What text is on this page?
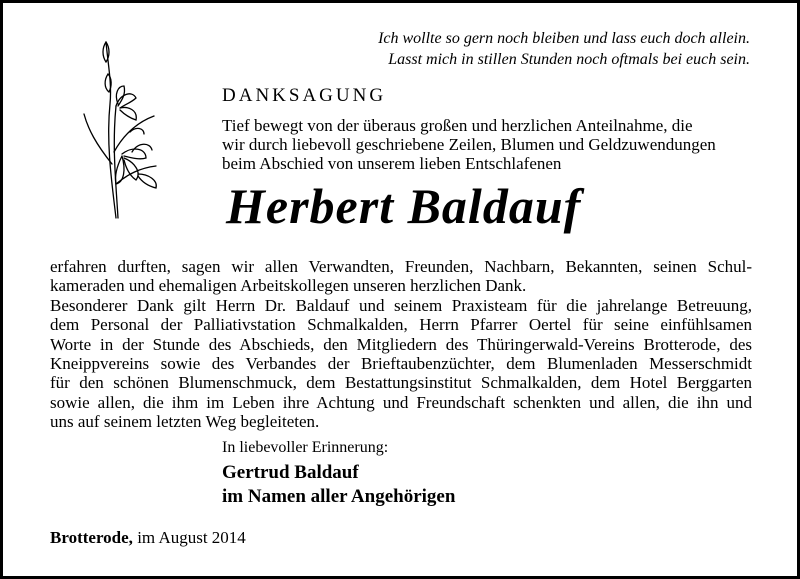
Ich wollte so gern noch bleiben und lass euch doch allein.
Lasst mich in stillen Stunden noch oftmals bei euch sein.
DANKSAGUNG
Tief bewegt von der überaus großen und herzlichen Anteilnahme, die
wir durch liebevoll geschriebene Zeilen, Blumen und Geldzuwendungen
beim Abschied von unserem lieben Entschlafenen
Herbert Baldauf
erfahren durften, sagen wir allen Verwandten, Freunden, Nachbarn, Bekannten, seinen Schul-
kameraden und ehemaligen Arbeitskollegen unseren herzlichen Dank.
Besonderer Dank gilt Herrn Dr. Baldauf und seinem Praxisteam für die jahrelange Betreuung,
dem Personal der Palliativstation Schmalkalden, Herrn Pfarrer Oertel für seine einfühlsamen
Worte in der Stunde des Abschieds, den Mitgliedern des Thüringerwald-Vereins Brotterode, des
Kneippvereins sowie des Verbandes der Brieftaubenzüchter, dem Blumenladen Messerschmidt
für den schönen Blumenschmuck, dem Bestattungsinstitut Schmalkalden, dem Hotel Berggarten
sowie allen, die ihm im Leben ihre Achtung und Freundschaft schenkten und allen, die ihn und
uns auf seinem letzten Weg begleiteten.
In liebevoller Erinnerung:
Gertrud Baldauf
im Namen aller Angehörigen
Brotterode, im August 2014
